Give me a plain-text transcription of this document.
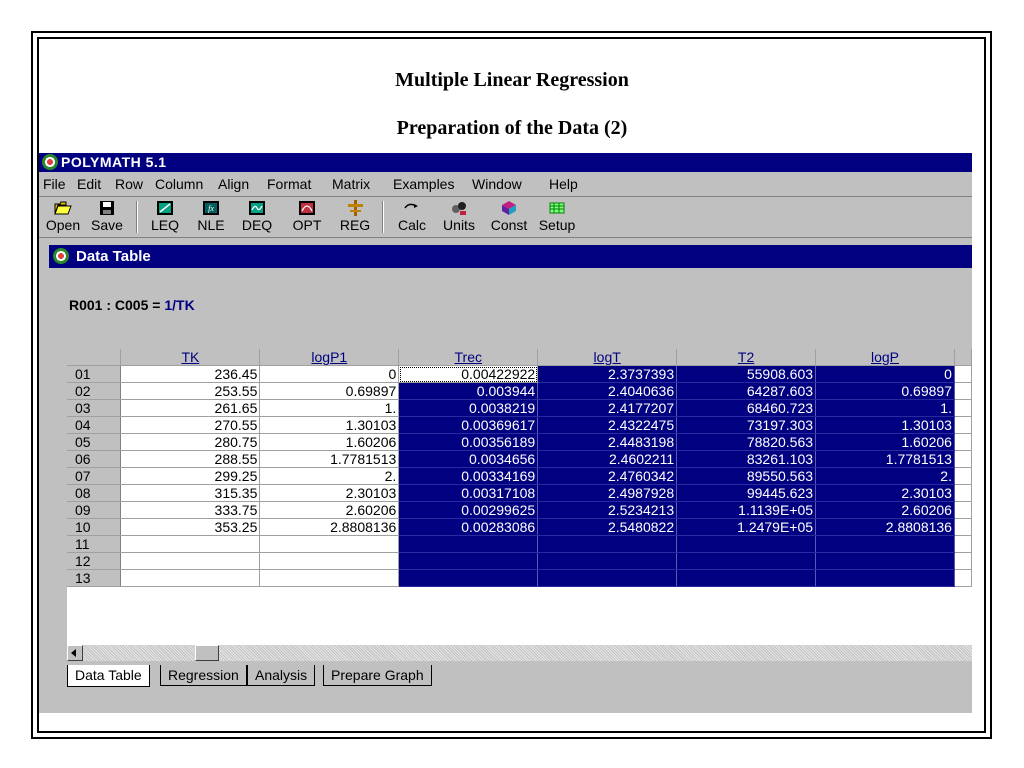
Multiple Linear Regression
Preparation of the Data (2)
POLYMATH 5.1
File Edit Row Column Align Format Matrix Examples Window Help
Open Save	LEQ
fx
NLE	DEQ	OPT	REG	Calc	Units	Const Setup
Data Table
R001 : C005 = 1/TK
	TK	logP1	Trec	logT	T2	logP	
01	236.45	0	0.00422922	2.3737393	55908.603	0	
02	253.55	0.69897	0.003944	2.4040636	64287.603	0.69897	
03	261.65	1.	0.0038219	2.4177207	68460.723	1.	
04	270.55	1.30103	0.00369617	2.4322475	73197.303	1.30103	
05	280.75	1.60206	0.00356189	2.4483198	78820.563	1.60206	
06	288.55	1.7781513	0.0034656	2.4602211	83261.103	1.7781513	
07	299.25	2.	0.00334169	2.4760342	89550.563	2.	
08	315.35	2.30103	0.00317108	2.4987928	99445.623	2.30103	
09	333.75	2.60206	0.00299625	2.5234213	1.1139E+05	2.60206	
10	353.25	2.8808136	0.00283086	2.5480822	1.2479E+05	2.8808136	
11							
12							
13							
Data Table	Regression	Analysis	Prepare Graph
